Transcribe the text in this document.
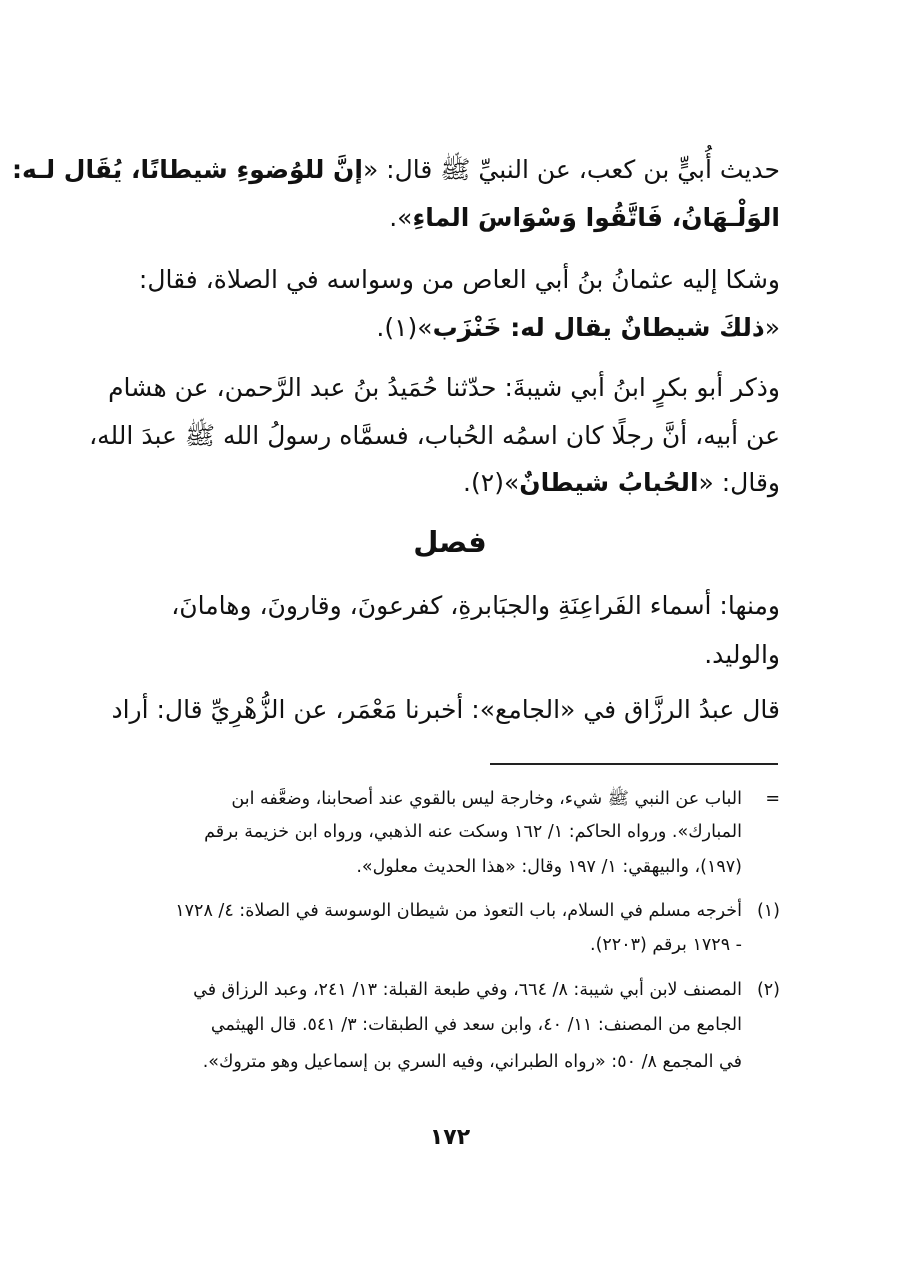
حديث أُبيٍّ بن كعب، عن النبيِّ ﷺ قال: «إنَّ للوُضوءِ شيطانًا، يُقَال لـه:
الوَلْـهَانُ، فَاتَّقُوا وَسْوَاسَ الماءِ».
وشكا إليه عثمانُ بنُ أبي العاص من وسواسه في الصلاة، فقال:
«ذلكَ شيطانٌ يقال له: خَنْزَب»(١).
وذكر أبو بكرٍ ابنُ أبي شيبةَ: حدّثنا حُمَيدُ بنُ عبد الرَّحمن، عن هشام
عن أبيه، أنَّ رجلًا كان اسمُه الحُباب، فسمَّاه رسولُ الله ﷺ عبدَ الله،
وقال: «الحُبابُ شيطانٌ»(٢).
فصل
ومنها: أسماء الفَراعِنَةِ والجبَابرةِ، كفرعونَ، وقارونَ، وهامانَ،
والوليد.
قال عبدُ الرزَّاق في «الجامع»: أخبرنا مَعْمَر، عن الزُّهْرِيِّ قال: أراد
=
الباب عن النبي ﷺ شيء، وخارجة ليس بالقوي عند أصحابنا، وضعَّفه ابن
المبارك». ورواه الحاكم: ١/ ١٦٢ وسكت عنه الذهبي، ورواه ابن خزيمة برقم
(١٩٧)، والبيهقي: ١/ ١٩٧ وقال: «هذا الحديث معلول».
(١)
أخرجه مسلم في السلام، باب التعوذ من شيطان الوسوسة في الصلاة: ٤/ ١٧٢٨
- ١٧٢٩ برقم (٢٢٠٣).
(٢)
المصنف لابن أبي شيبة: ٨/ ٦٦٤، وفي طبعة القبلة: ١٣/ ٢٤١، وعبد الرزاق في
الجامع من المصنف: ١١/ ٤٠، وابن سعد في الطبقات: ٣/ ٥٤١. قال الهيثمي
في المجمع ٨/ ٥٠: «رواه الطبراني، وفيه السري بن إسماعيل وهو متروك».
١٧٢
